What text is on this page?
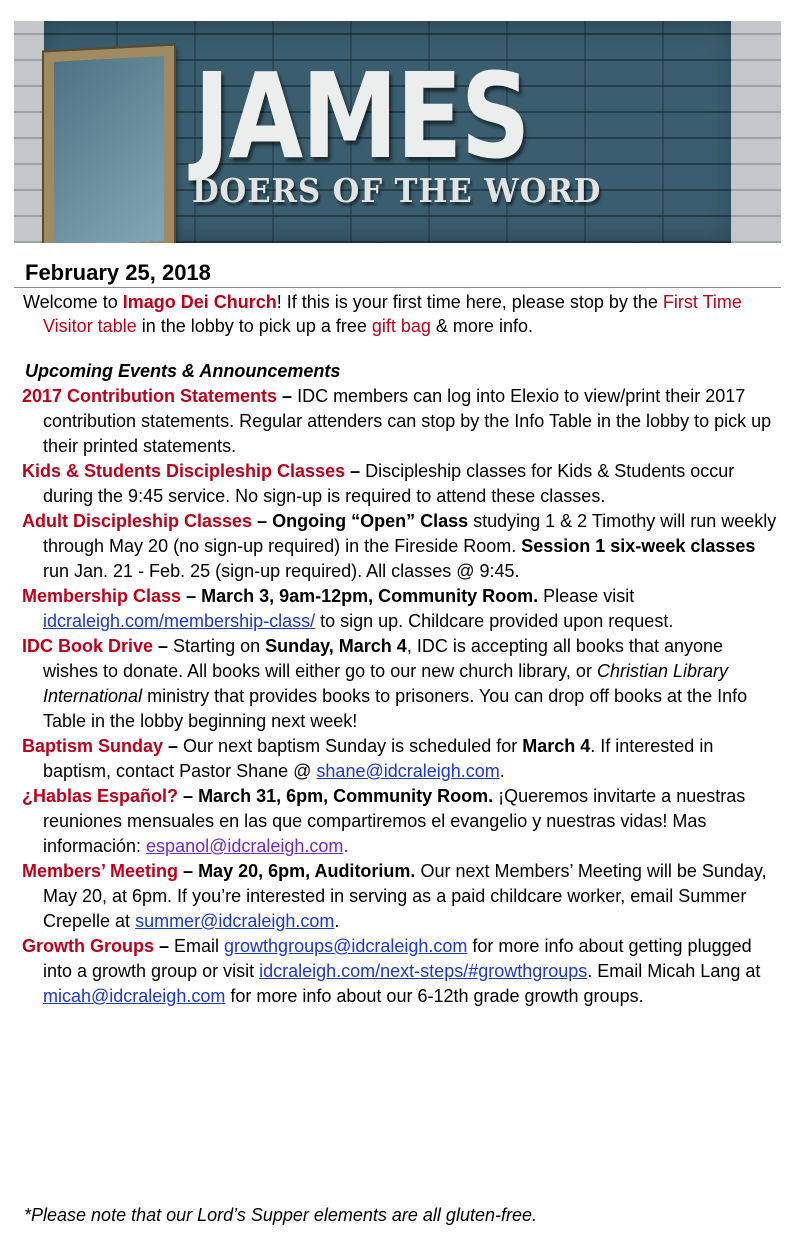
JAMES
DOERS OF THE WORD
February 25, 2018

Welcome to Imago Dei Church! If this is your first time here, please stop by the First Time Visitor table in the lobby to pick up a free gift bag & more info.

Upcoming Events & Announcements

2017 Contribution Statements – IDC members can log into Elexio to view/print their 2017 contribution statements. Regular attenders can stop by the Info Table in the lobby to pick up their printed statements.

Kids & Students Discipleship Classes – Discipleship classes for Kids & Students occur during the 9:45 service. No sign-up is required to attend these classes.

Adult Discipleship Classes – Ongoing “Open” Class studying 1 & 2 Timothy will run weekly through May 20 (no sign-up required) in the Fireside Room. Session 1 six-week classes run Jan. 21 - Feb. 25 (sign-up required). All classes @ 9:45.

Membership Class – March 3, 9am-12pm, Community Room. Please visit idcraleigh.com/membership-class/ to sign up. Childcare provided upon request.

IDC Book Drive – Starting on Sunday, March 4, IDC is accepting all books that anyone wishes to donate. All books will either go to our new church library, or Christian Library International ministry that provides books to prisoners. You can drop off books at the Info Table in the lobby beginning next week!

Baptism Sunday – Our next baptism Sunday is scheduled for March 4. If interested in baptism, contact Pastor Shane @ shane@idcraleigh.com.

¿Hablas Español? – March 31, 6pm, Community Room. ¡Queremos invitarte a nuestras reuniones mensuales en las que compartiremos el evangelio y nuestras vidas! Mas información: espanol@idcraleigh.com.

Members’ Meeting – May 20, 6pm, Auditorium. Our next Members’ Meeting will be Sunday, May 20, at 6pm. If you’re interested in serving as a paid childcare worker, email Summer Crepelle at summer@idcraleigh.com.

Growth Groups – Email growthgroups@idcraleigh.com for more info about getting plugged into a growth group or visit idcraleigh.com/next-steps/#growthgroups. Email Micah Lang at micah@idcraleigh.com for more info about our 6-12th grade growth groups.

*Please note that our Lord’s Supper elements are all gluten-free.
